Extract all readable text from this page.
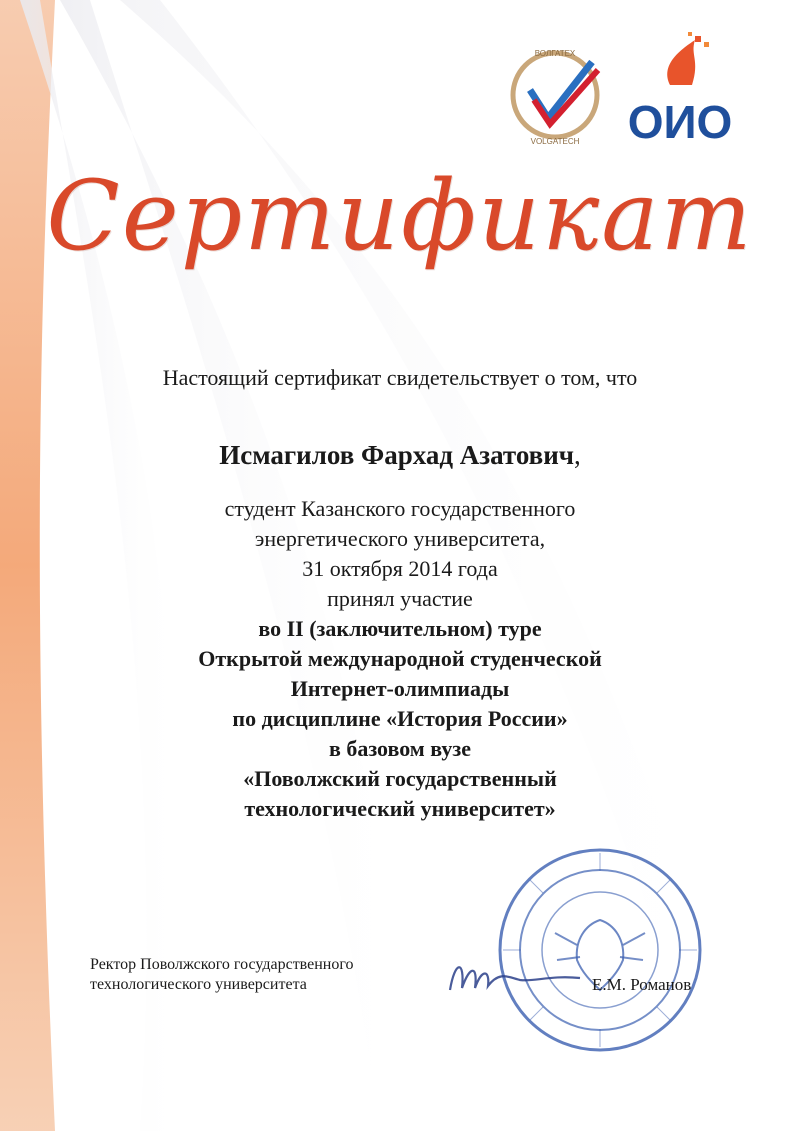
ВОЛГАТЕХ
VOLGATECH ОИО
Сертификат
Настоящий сертификат свидетельствует о том, что
Исмагилов Фархад Азатович,
студент Казанского государственного
энергетического университета,
31 октября 2014 года
принял участие
во II (заключительном) туре
Открытой международной студенческой
Интернет-олимпиады
по дисциплине «История России»
в базовом вузе
«Поволжский государственный
технологический университет»
Ректор Поволжского государственного
технологического университета	Е.М. Романов
